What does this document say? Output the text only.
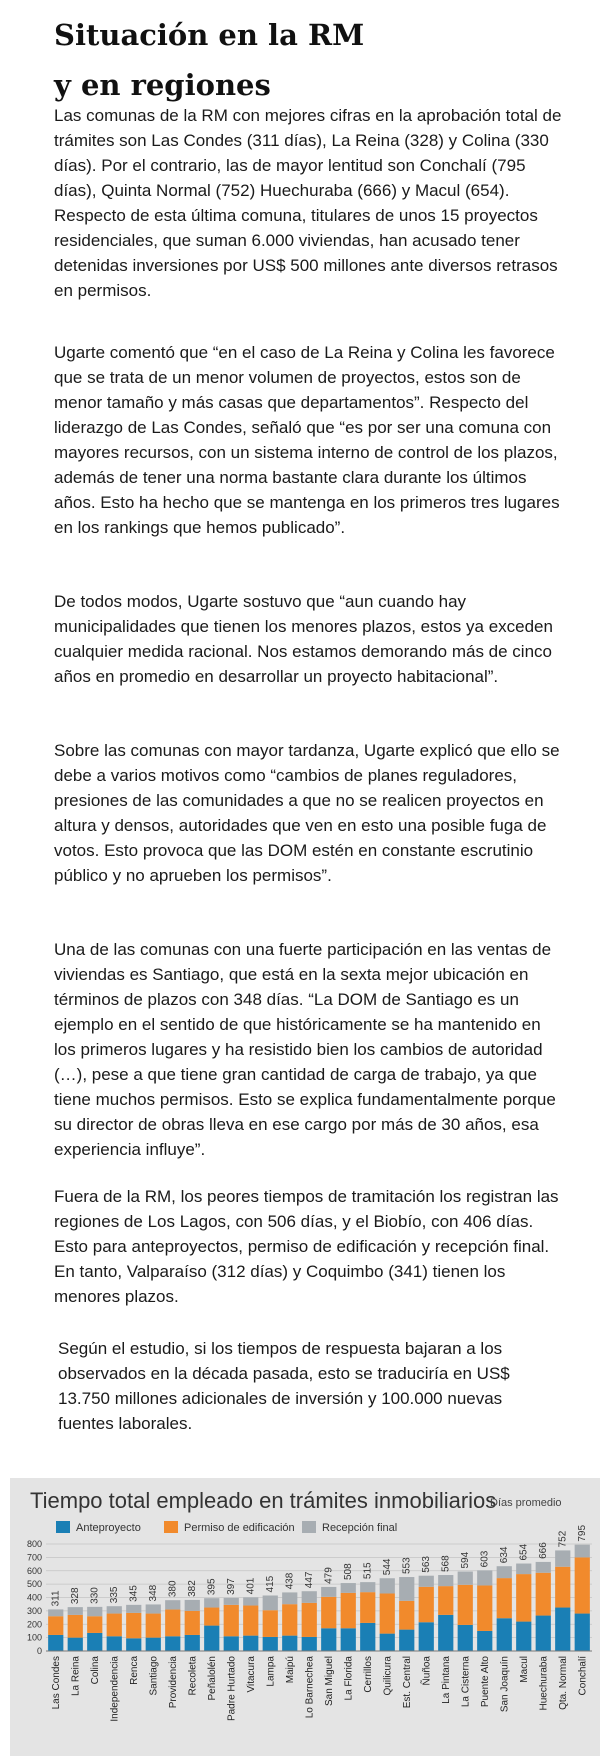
Situación en la RM
y en regiones

Las comunas de la RM con mejores cifras en la aprobación total de trámites son Las Condes (311 días), La Reina (328) y Colina (330 días). Por el contrario, las de mayor lentitud son Conchalí (795 días), Quinta Normal (752) Huechuraba (666) y Macul (654). Respecto de esta última comuna, titulares de unos 15 proyectos residenciales, que suman 6.000 viviendas, han acusado tener detenidas inversiones por US$ 500 millones ante diversos retrasos en permisos.

Ugarte comentó que “en el caso de La Reina y Colina les favorece que se trata de un menor volumen de proyectos, estos son de menor tamaño y más casas que departamentos”. Respecto del liderazgo de Las Condes, señaló que “es por ser una comuna con mayores recursos, con un sistema interno de control de los plazos, además de tener una norma bastante clara durante los últimos años. Esto ha hecho que se mantenga en los primeros tres lugares en los rankings que hemos publicado”.

De todos modos, Ugarte sostuvo que “aun cuando hay municipalidades que tienen los menores plazos, estos ya exceden cualquier medida racional. Nos estamos demorando más de cinco años en promedio en desarrollar un proyecto habitacional”.

Sobre las comunas con mayor tardanza, Ugarte explicó que ello se debe a varios motivos como “cambios de planes reguladores, presiones de las comunidades a que no se realicen proyectos en altura y densos, autoridades que ven en esto una posible fuga de votos. Esto provoca que las DOM estén en constante escrutinio público y no aprueben los permisos”.

Una de las comunas con una fuerte participación en las ventas de viviendas es Santiago, que está en la sexta mejor ubicación en términos de plazos con 348 días. “La DOM de Santiago es un ejemplo en el sentido de que históricamente se ha mantenido en los primeros lugares y ha resistido bien los cambios de autoridad (…), pese a que tiene gran cantidad de carga de trabajo, ya que tiene muchos permisos. Esto se explica fundamentalmente porque su director de obras lleva en ese cargo por más de 30 años, esa experiencia influye”.

Fuera de la RM, los peores tiempos de tramitación los registran las regiones de Los Lagos, con 506 días, y el Biobío, con 406 días. Esto para anteproyectos, permiso de edificación y recepción final. En tanto, Valparaíso (312 días) y Coquimbo (341) tienen los menores plazos.

Según el estudio, si los tiempos de respuesta bajaran a los observados en la década pasada, esto se traduciría en US$ 13.750 millones adicionales de inversión y 100.000 nuevas fuentes laborales.

Tiempo total empleado en trámites inmobiliarios
Días promedio
Anteproyecto	Permiso de edificación	Recepción final
0
100
200
300
400
500
600
700
800
311
Las Condes
328
La Reina
330
Colina
335
Independencia
345
Renca
348
Santiago
380
Providencia
382
Recoleta
395
Peñalolén
397
Padre Hurtado
401
Vitacura
415
Lampa
438
Maipú
447
Lo Barnechea
479
San Miguel
508
La Florida
515
Cerrillos
544
Quilicura
553
Est. Central
563
Ñuñoa
568
La Pintana
594
La Cisterna
603
Puente Alto
634
San Joaquín
654
Macul
666
Huechuraba
752
Qta. Normal
795
Conchalí
